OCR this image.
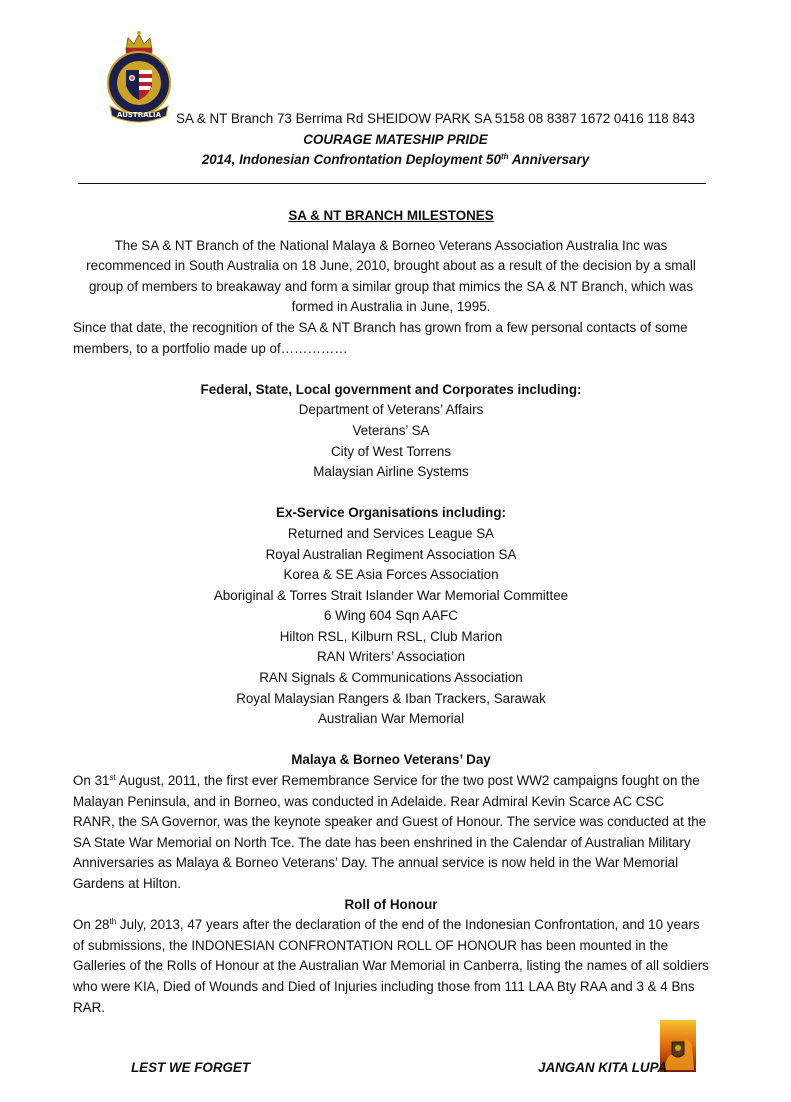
AUSTRALIA SA & NT Branch 73 Berrima Rd SHEIDOW PARK SA 5158 08 8387 1672 0416 118 843
COURAGE MATESHIP PRIDE
2014, Indonesian Confrontation Deployment 50th Anniversary
SA & NT BRANCH MILESTONES

The SA & NT Branch of the National Malaya & Borneo Veterans Association Australia Inc was recommenced in South Australia on 18 June, 2010, brought about as a result of the decision by a small group of members to breakaway and form a similar group that mimics the SA & NT Branch, which was formed in Australia in June, 1995.

Since that date, the recognition of the SA & NT Branch has grown from a few personal contacts of some members, to a portfolio made up of……………

Federal, State, Local government and Corporates including:

Department of Veterans’ Affairs
Veterans’ SA
City of West Torrens
Malaysian Airline Systems

Ex-Service Organisations including:

Returned and Services League SA
Royal Australian Regiment Association SA
Korea & SE Asia Forces Association
Aboriginal & Torres Strait Islander War Memorial Committee
6 Wing 604 Sqn AAFC
Hilton RSL, Kilburn RSL, Club Marion
RAN Writers’ Association
RAN Signals & Communications Association
Royal Malaysian Rangers & Iban Trackers, Sarawak
Australian War Memorial

Malaya & Borneo Veterans’ Day

On 31st August, 2011, the first ever Remembrance Service for the two post WW2 campaigns fought on the Malayan Peninsula, and in Borneo, was conducted in Adelaide. Rear Admiral Kevin Scarce AC CSC RANR, the SA Governor, was the keynote speaker and Guest of Honour. The service was conducted at the SA State War Memorial on North Tce. The date has been enshrined in the Calendar of Australian Military Anniversaries as Malaya & Borneo Veterans’ Day. The annual service is now held in the War Memorial Gardens at Hilton.

Roll of Honour

On 28th July, 2013, 47 years after the declaration of the end of the Indonesian Confrontation, and 10 years of submissions, the INDONESIAN CONFRONTATION ROLL OF HONOUR has been mounted in the Galleries of the Rolls of Honour at the Australian War Memorial in Canberra, listing the names of all soldiers who were KIA, Died of Wounds and Died of Injuries including those from 111 LAA Bty RAA and 3 & 4 Bns RAR.

LEST WE FORGET	JANGAN KITA LUPA
